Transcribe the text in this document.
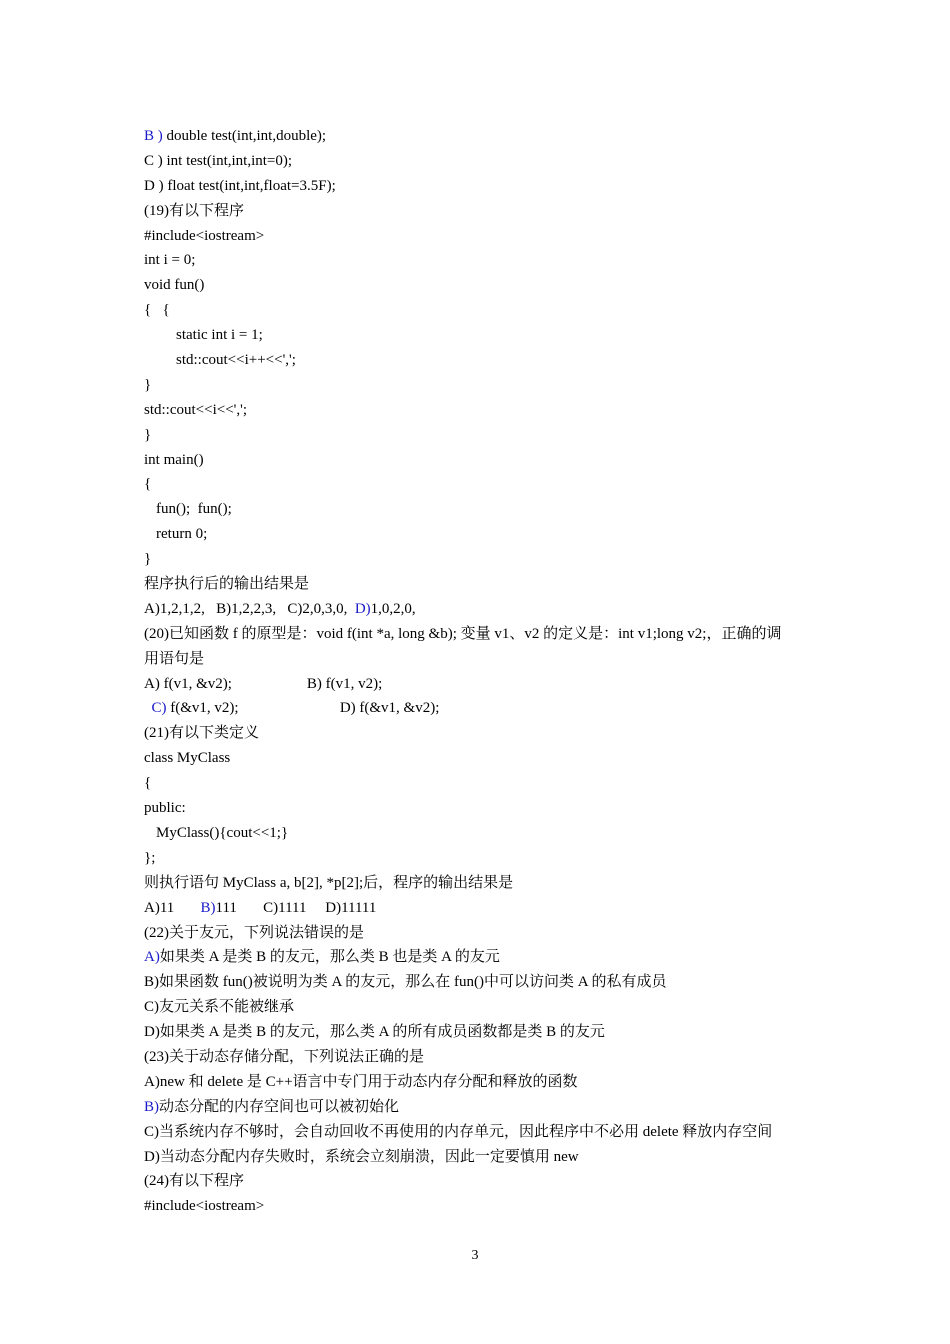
B ) double test(int,int,double);
C ) int test(int,int,int=0);
D ) float test(int,int,float=3.5F);
(19)有以下程序
#include<iostream>
int i = 0;
void fun()
{   {
static int i = 1;
std::cout<<i++<<',';
}
std::cout<<i<<',';
}
int main()
{
fun();  fun();
return 0;
}
程序执行后的输出结果是
A)1,2,1,2,   B)1,2,2,3,   C)2,0,3,0,  D)1,0,2,0,
(20)已知函数 f 的原型是：void f(int *a, long &b); 变量 v1、v2 的定义是：int v1;long v2;，正确的调
用语句是
A) f(v1, &v2);                    B) f(v1, v2);
C) f(&v1, v2);                           D) f(&v1, &v2);
(21)有以下类定义
class MyClass
{
public:
MyClass(){cout<<1;}
};
则执行语句 MyClass a, b[2], *p[2];后，程序的输出结果是
A)11       B)111       C)1111     D)11111
(22)关于友元，下列说法错误的是
A)如果类 A 是类 B 的友元，那么类 B 也是类 A 的友元
B)如果函数 fun()被说明为类 A 的友元，那么在 fun()中可以访问类 A 的私有成员
C)友元关系不能被继承
D)如果类 A 是类 B 的友元，那么类 A 的所有成员函数都是类 B 的友元
(23)关于动态存储分配，下列说法正确的是
A)new 和 delete 是 C++语言中专门用于动态内存分配和释放的函数
B)动态分配的内存空间也可以被初始化
C)当系统内存不够时，会自动回收不再使用的内存单元，因此程序中不必用 delete 释放内存空间
D)当动态分配内存失败时，系统会立刻崩溃，因此一定要慎用 new
(24)有以下程序
#include<iostream>
3
